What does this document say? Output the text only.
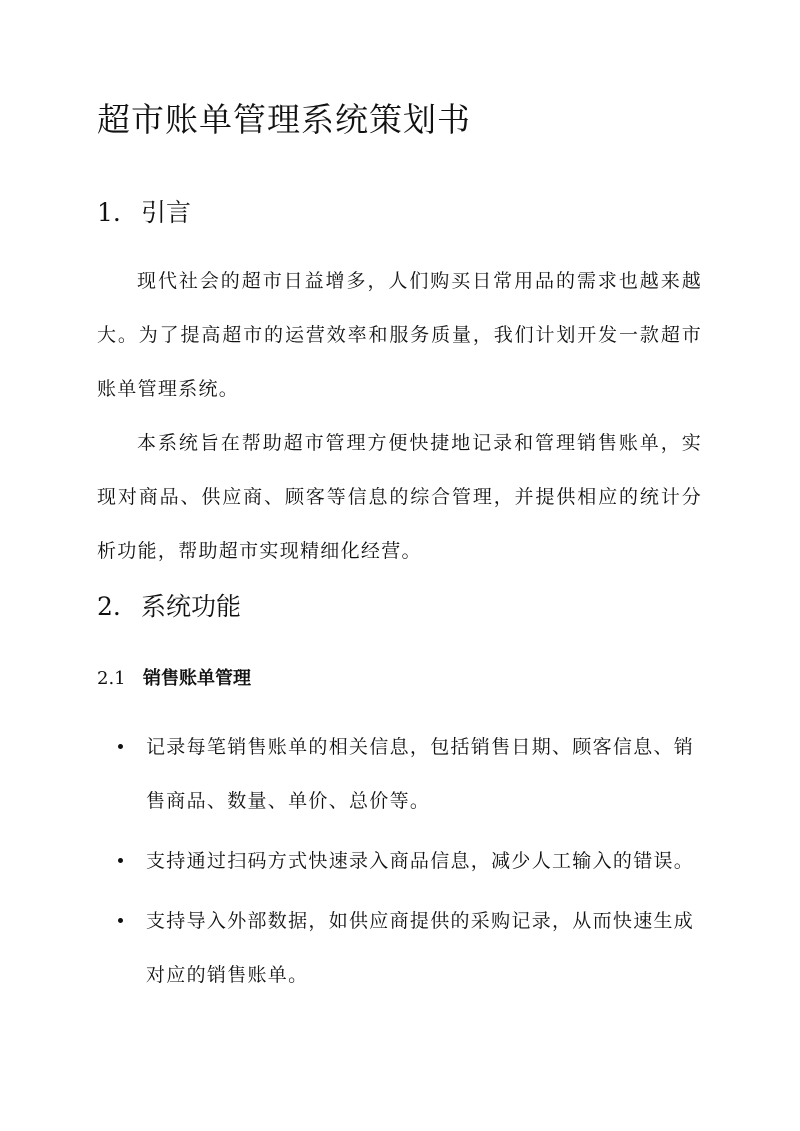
超市账单管理系统策划书
1. 引言

现代社会的超市日益增多，人们购买日常用品的需求也越来越大。为了提高超市的运营效率和服务质量，我们计划开发一款超市账单管理系统。

本系统旨在帮助超市管理方便快捷地记录和管理销售账单，实现对商品、供应商、顾客等信息的综合管理，并提供相应的统计分析功能，帮助超市实现精细化经营。

2. 系统功能
2.1 销售账单管理
记录每笔销售账单的相关信息，包括销售日期、顾客信息、销售商品、数量、单价、总价等。
支持通过扫码方式快速录入商品信息，减少人工输入的错误。
支持导入外部数据，如供应商提供的采购记录，从而快速生成对应的销售账单。
